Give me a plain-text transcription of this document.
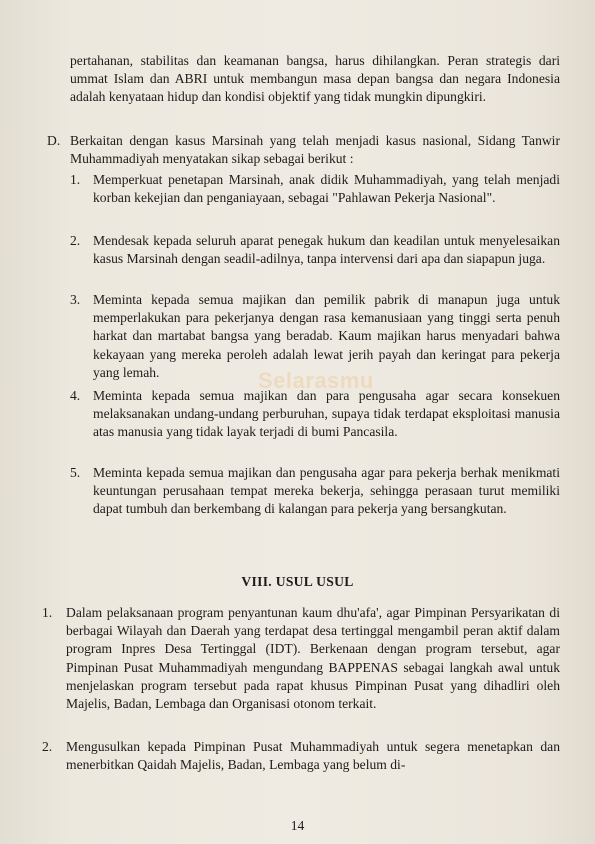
Selarasmu
pertahanan, stabilitas dan keamanan bangsa, harus dihilangkan. Peran strategis dari ummat Islam dan ABRI untuk membangun masa depan bangsa dan negara Indonesia adalah kenyataan hidup dan kondisi objektif yang tidak mungkin dipungkiri.
D. Berkaitan dengan kasus Marsinah yang telah menjadi kasus nasional, Sidang Tanwir Muhammadiyah menyatakan sikap sebagai berikut :
1. Memperkuat penetapan Marsinah, anak didik Muhammadiyah, yang telah menjadi korban kekejian dan penganiayaan, sebagai "Pahlawan Pekerja Nasional".
2. Mendesak kepada seluruh aparat penegak hukum dan keadilan untuk menyelesaikan kasus Marsinah dengan seadil-adilnya, tanpa intervensi dari apa dan siapapun juga.
3. Meminta kepada semua majikan dan pemilik pabrik di manapun juga untuk memperlakukan para pekerjanya dengan rasa kemanusiaan yang tinggi serta penuh harkat dan martabat bangsa yang beradab. Kaum majikan harus menyadari bahwa kekayaan yang mereka peroleh adalah lewat jerih payah dan keringat para pekerja yang lemah.
4. Meminta kepada semua majikan dan para pengusaha agar secara konsekuen melaksanakan undang-undang perburuhan, supaya tidak terdapat eksploitasi manusia atas manusia yang tidak layak terjadi di bumi Pancasila.
5. Meminta kepada semua majikan dan pengusaha agar para pekerja berhak menikmati keuntungan perusahaan tempat mereka bekerja, sehingga perasaan turut memiliki dapat tumbuh dan berkembang di kalangan para pekerja yang bersangkutan.
VIII. USUL USUL
1. Dalam pelaksanaan program penyantunan kaum dhu'afa', agar Pimpinan Persyarikatan di berbagai Wilayah dan Daerah yang terdapat desa tertinggal mengambil peran aktif dalam program Inpres Desa Tertinggal (IDT). Berkenaan dengan program tersebut, agar Pimpinan Pusat Muhammadiyah mengundang BAPPENAS sebagai langkah awal untuk menjelaskan program tersebut pada rapat khusus Pimpinan Pusat yang dihadliri oleh Majelis, Badan, Lembaga dan Organisasi otonom terkait.
2. Mengusulkan kepada Pimpinan Pusat Muhammadiyah untuk segera menetapkan dan menerbitkan Qaidah Majelis, Badan, Lembaga yang belum di-
14
